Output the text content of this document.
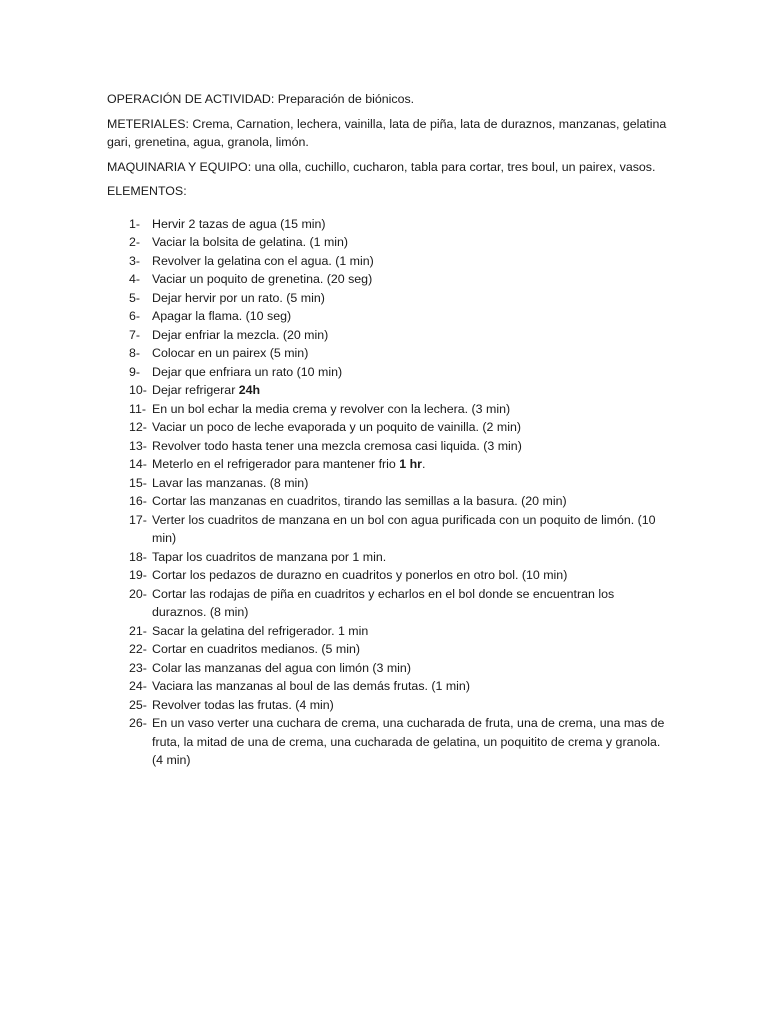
OPERACIÓN DE ACTIVIDAD: Preparación de biónicos.

METERIALES: Crema, Carnation, lechera, vainilla, lata de piña, lata de duraznos, manzanas, gelatina gari, grenetina, agua, granola, limón.

MAQUINARIA Y EQUIPO: una olla, cuchillo, cucharon, tabla para cortar, tres boul, un pairex, vasos.

ELEMENTOS:

1- Hervir 2 tazas de agua (15 min)
2- Vaciar la bolsita de gelatina. (1 min)
3- Revolver la gelatina con el agua. (1 min)
4- Vaciar un poquito de grenetina. (20 seg)
5- Dejar hervir por un rato. (5 min)
6- Apagar la flama. (10 seg)
7- Dejar enfriar la mezcla. (20 min)
8- Colocar en un pairex (5 min)
9- Dejar que enfriara un rato (10 min)
10- Dejar refrigerar 24h
11- En un bol echar la media crema y revolver con la lechera. (3 min)
12- Vaciar un poco de leche evaporada y un poquito de vainilla. (2 min)
13- Revolver todo hasta tener una mezcla cremosa casi liquida. (3 min)
14- Meterlo en el refrigerador para mantener frio 1 hr.
15- Lavar las manzanas. (8 min)
16- Cortar las manzanas en cuadritos, tirando las semillas a la basura. (20 min)
17- Verter los cuadritos de manzana en un bol con agua purificada con un poquito de limón. (10 min)
18- Tapar los cuadritos de manzana por 1 min.
19- Cortar los pedazos de durazno en cuadritos y ponerlos en otro bol. (10 min)
20- Cortar las rodajas de piña en cuadritos y echarlos en el bol donde se encuentran los duraznos. (8 min)
21- Sacar la gelatina del refrigerador. 1 min
22- Cortar en cuadritos medianos. (5 min)
23- Colar las manzanas del agua con limón (3 min)
24- Vaciara las manzanas al boul de las demás frutas. (1 min)
25- Revolver todas las frutas. (4 min)
26- En un vaso verter una cuchara de crema, una cucharada de fruta, una de crema, una mas de fruta, la mitad de una de crema, una cucharada de gelatina, un poquitito de crema y granola. (4 min)
